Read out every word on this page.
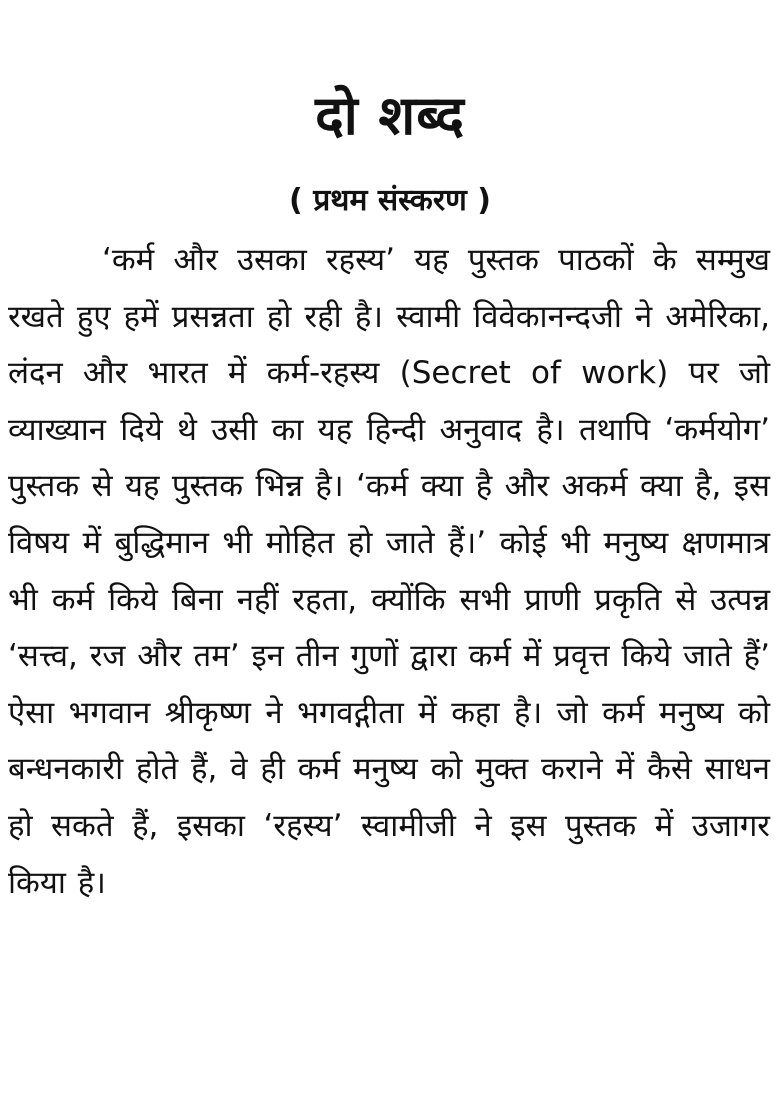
दो शब्द
( प्रथम संस्करण )

‘कर्म और उसका रहस्य’ यह पुस्तक पाठकों के सम्मुख रखते हुए हमें प्रसन्नता हो रही है। स्वामी विवेकानन्दजी ने अमेरिका, लंदन और भारत में कर्म-रहस्य (Secret of work) पर जो व्याख्यान दिये थे उसी का यह हिन्दी अनुवाद है। तथापि ‘कर्मयोग’ पुस्तक से यह पुस्तक भिन्न है। ‘कर्म क्या है और अकर्म क्या है, इस विषय में बुद्धिमान भी मोहित हो जाते हैं।’ कोई भी मनुष्य क्षणमात्र भी कर्म किये बिना नहीं रहता, क्योंकि सभी प्राणी प्रकृति से उत्पन्न ‘सत्त्व, रज और तम’ इन तीन गुणों द्वारा कर्म में प्रवृत्त किये जाते हैं’ ऐसा भगवान श्रीकृष्ण ने भगवद्गीता में कहा है। जो कर्म मनुष्य को बन्धनकारी होते हैं, वे ही कर्म मनुष्य को मुक्त कराने में कैसे साधन हो सकते हैं, इसका ‘रहस्य’ स्वामीजी ने इस पुस्तक में उजागर किया है।
